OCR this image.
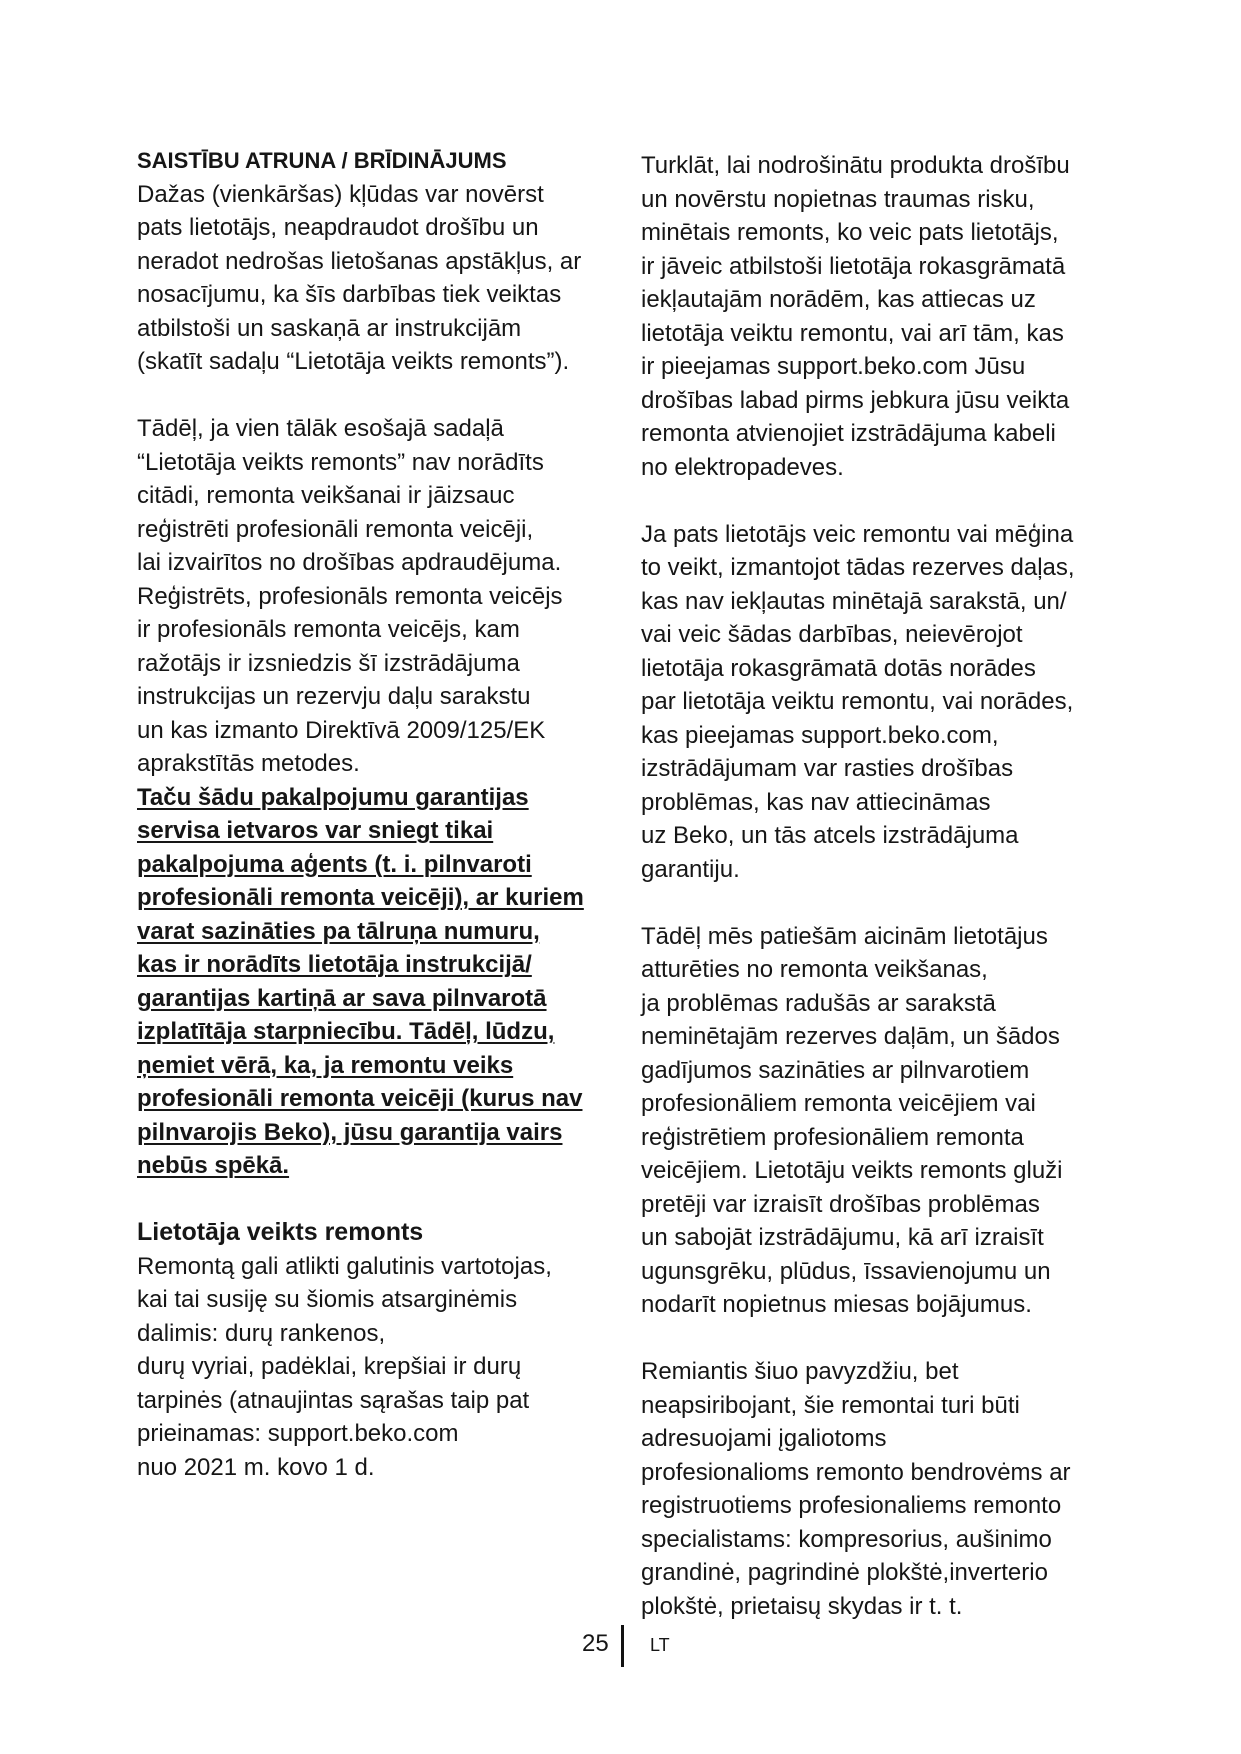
SAISTĪBU ATRUNA / BRĪDINĀJUMS
Dažas (vienkāršas) kļūdas var novērst
pats lietotājs, neapdraudot drošību un
neradot nedrošas lietošanas apstākļus, ar
nosacījumu, ka šīs darbības tiek veiktas
atbilstoši un saskaņā ar instrukcijām
(skatīt sadaļu “Lietotāja veikts remonts”).
Tādēļ, ja vien tālāk esošajā sadaļā
“Lietotāja veikts remonts” nav norādīts
citādi, remonta veikšanai ir jāizsauc
reģistrēti profesionāli remonta veicēji,
lai izvairītos no drošības apdraudējuma.
Reģistrēts, profesionāls remonta veicējs
ir profesionāls remonta veicējs, kam
ražotājs ir izsniedzis šī izstrādājuma
instrukcijas un rezervju daļu sarakstu
un kas izmanto Direktīvā 2009/125/EK
aprakstītās metodes.
Taču šādu pakalpojumu garantijas
servisa ietvaros var sniegt tikai
pakalpojuma aģents (t. i. pilnvaroti
profesionāli remonta veicēji), ar kuriem
varat sazināties pa tālruņa numuru,
kas ir norādīts lietotāja instrukcijā/
garantijas kartiņā ar sava pilnvarotā
izplatītāja starpniecību. Tādēļ, lūdzu,
ņemiet vērā, ka, ja remontu veiks
profesionāli remonta veicēji (kurus nav
pilnvarojis Beko), jūsu garantija vairs
nebūs spēkā.
Lietotāja veikts remonts
Remontą gali atlikti galutinis vartotojas,
kai tai susiję su šiomis atsarginėmis
dalimis: durų rankenos,
durų vyriai, padėklai, krepšiai ir durų
tarpinės (atnaujintas sąrašas taip pat
prieinamas: support.beko.com
nuo 2021 m. kovo 1 d.
Turklāt, lai nodrošinātu produkta drošību
un novērstu nopietnas traumas risku,
minētais remonts, ko veic pats lietotājs,
ir jāveic atbilstoši lietotāja rokasgrāmatā
iekļautajām norādēm, kas attiecas uz
lietotāja veiktu remontu, vai arī tām, kas
ir pieejamas support.beko.com Jūsu
drošības labad pirms jebkura jūsu veikta
remonta atvienojiet izstrādājuma kabeli
no elektropadeves.
Ja pats lietotājs veic remontu vai mēģina
to veikt, izmantojot tādas rezerves daļas,
kas nav iekļautas minētajā sarakstā, un/
vai veic šādas darbības, neievērojot
lietotāja rokasgrāmatā dotās norādes
par lietotāja veiktu remontu, vai norādes,
kas pieejamas support.beko.com,
izstrādājumam var rasties drošības
problēmas, kas nav attiecināmas
uz Beko, un tās atcels izstrādājuma
garantiju.
Tādēļ mēs patiešām aicinām lietotājus
atturēties no remonta veikšanas,
ja problēmas radušās ar sarakstā
neminētajām rezerves daļām, un šādos
gadījumos sazināties ar pilnvarotiem
profesionāliem remonta veicējiem vai
reģistrētiem profesionāliem remonta
veicējiem. Lietotāju veikts remonts gluži
pretēji var izraisīt drošības problēmas
un sabojāt izstrādājumu, kā arī izraisīt
ugunsgrēku, plūdus, īssavienojumu un
nodarīt nopietnus miesas bojājumus.
Remiantis šiuo pavyzdžiu, bet
neapsiribojant, šie remontai turi būti
adresuojami įgaliotoms
profesionalioms remonto bendrovėms ar
registruotiems profesionaliems remonto
specialistams: kompresorius, aušinimo
grandinė, pagrindinė plokštė,inverterio
plokštė, prietaisų skydas ir t. t.
25 LT
